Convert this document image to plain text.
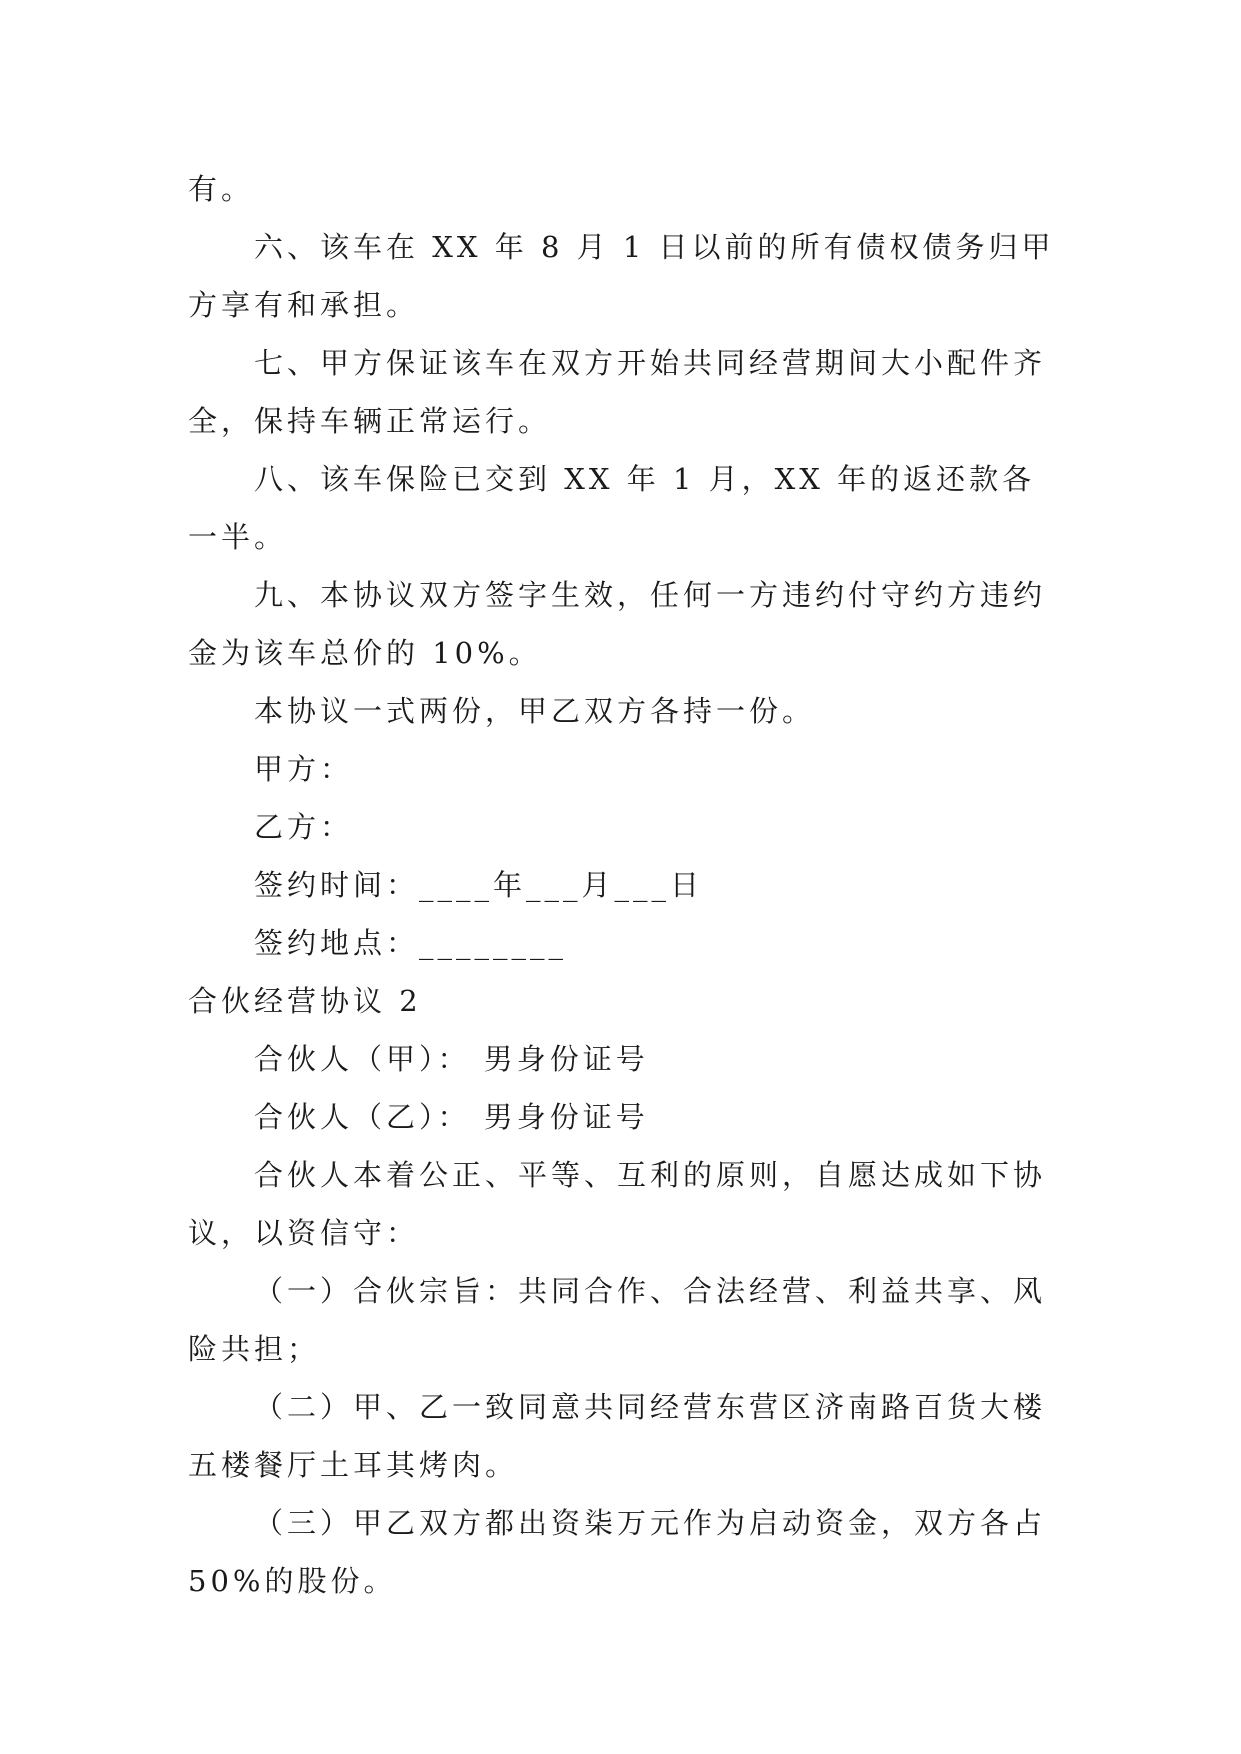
有。

六、该车在 XX 年 8 月 1 日以前的所有债权债务归甲方享有和承担。

七、甲方保证该车在双方开始共同经营期间大小配件齐全，保持车辆正常运行。

八、该车保险已交到 XX 年 1 月，XX 年的返还款各一半。

九、本协议双方签字生效，任何一方违约付守约方违约金为该车总价的 10%。

本协议一式两份，甲乙双方各持一份。

甲方：

乙方：

签约时间：____年___月___日

签约地点：________

合伙经营协议 2

合伙人（甲）： 男身份证号

合伙人（乙）： 男身份证号

合伙人本着公正、平等、互利的原则，自愿达成如下协议，以资信守：

（一）合伙宗旨：共同合作、合法经营、利益共享、风险共担；

（二）甲、乙一致同意共同经营东营区济南路百货大楼五楼餐厅土耳其烤肉。

（三）甲乙双方都出资柒万元作为启动资金，双方各占 50%的股份。
